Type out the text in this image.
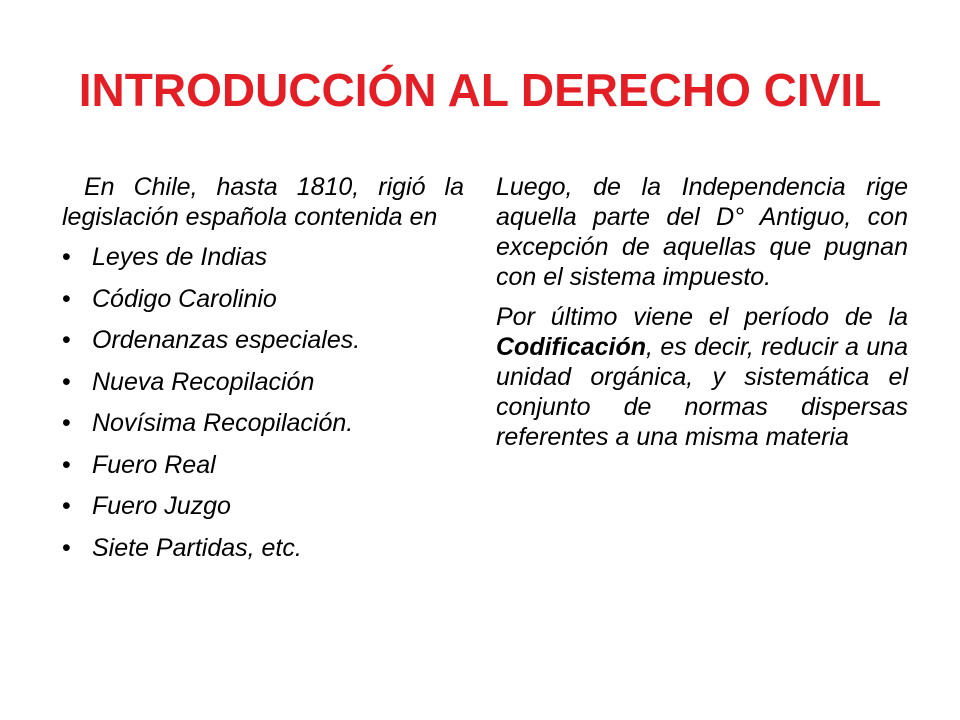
INTRODUCCIÓN AL DERECHO CIVIL

En Chile, hasta 1810, rigió la legislación española contenida en

• Leyes de Indias
• Código Carolinio
• Ordenanzas especiales.
• Nueva Recopilación
• Novísima Recopilación.
• Fuero Real
• Fuero Juzgo
• Siete Partidas, etc.

Luego, de la Independencia rige aquella parte del D° Antiguo, con excepción de aquellas que pugnan con el sistema impuesto.

Por último viene el período de la Codificación, es decir, reducir a una unidad orgánica, y sistemática el conjunto de normas dispersas referentes a una misma materia
